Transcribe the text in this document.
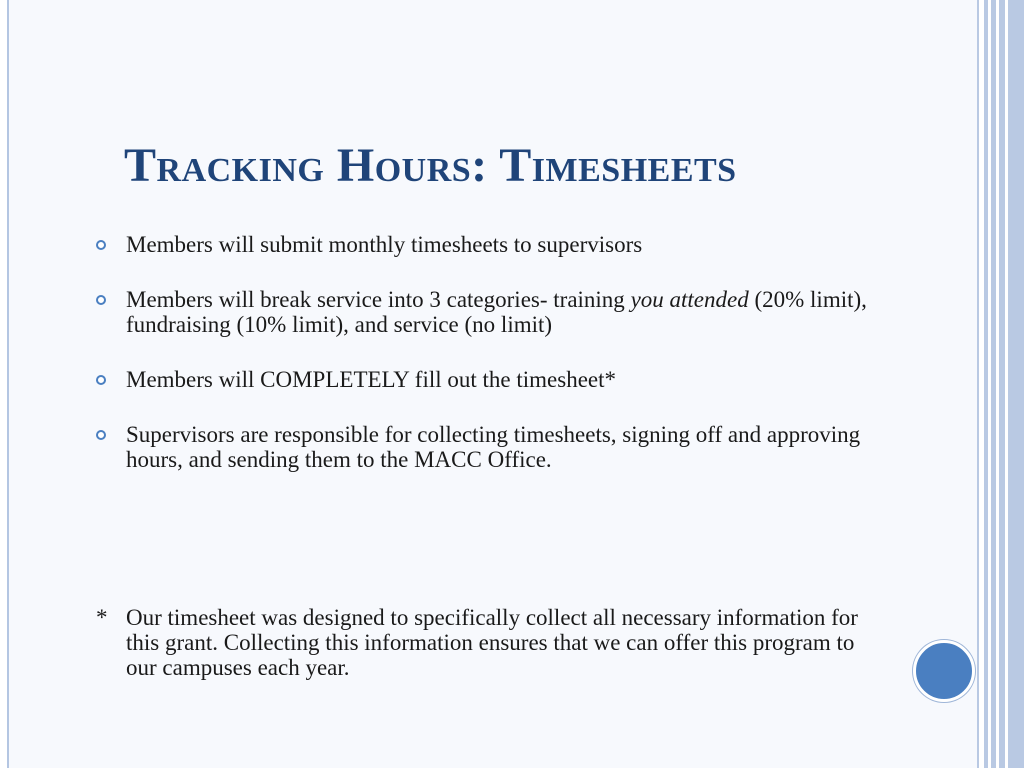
Tracking Hours: Timesheets
Members will submit monthly timesheets to supervisors
Members will break service into 3 categories- training you attended (20% limit), fundraising (10% limit), and service (no limit)
Members will COMPLETELY fill out the timesheet*
Supervisors are responsible for collecting timesheets, signing off and approving hours, and sending them to the MACC Office.
* Our timesheet was designed to specifically collect all necessary information for this grant. Collecting this information ensures that we can offer this program to our campuses each year.
